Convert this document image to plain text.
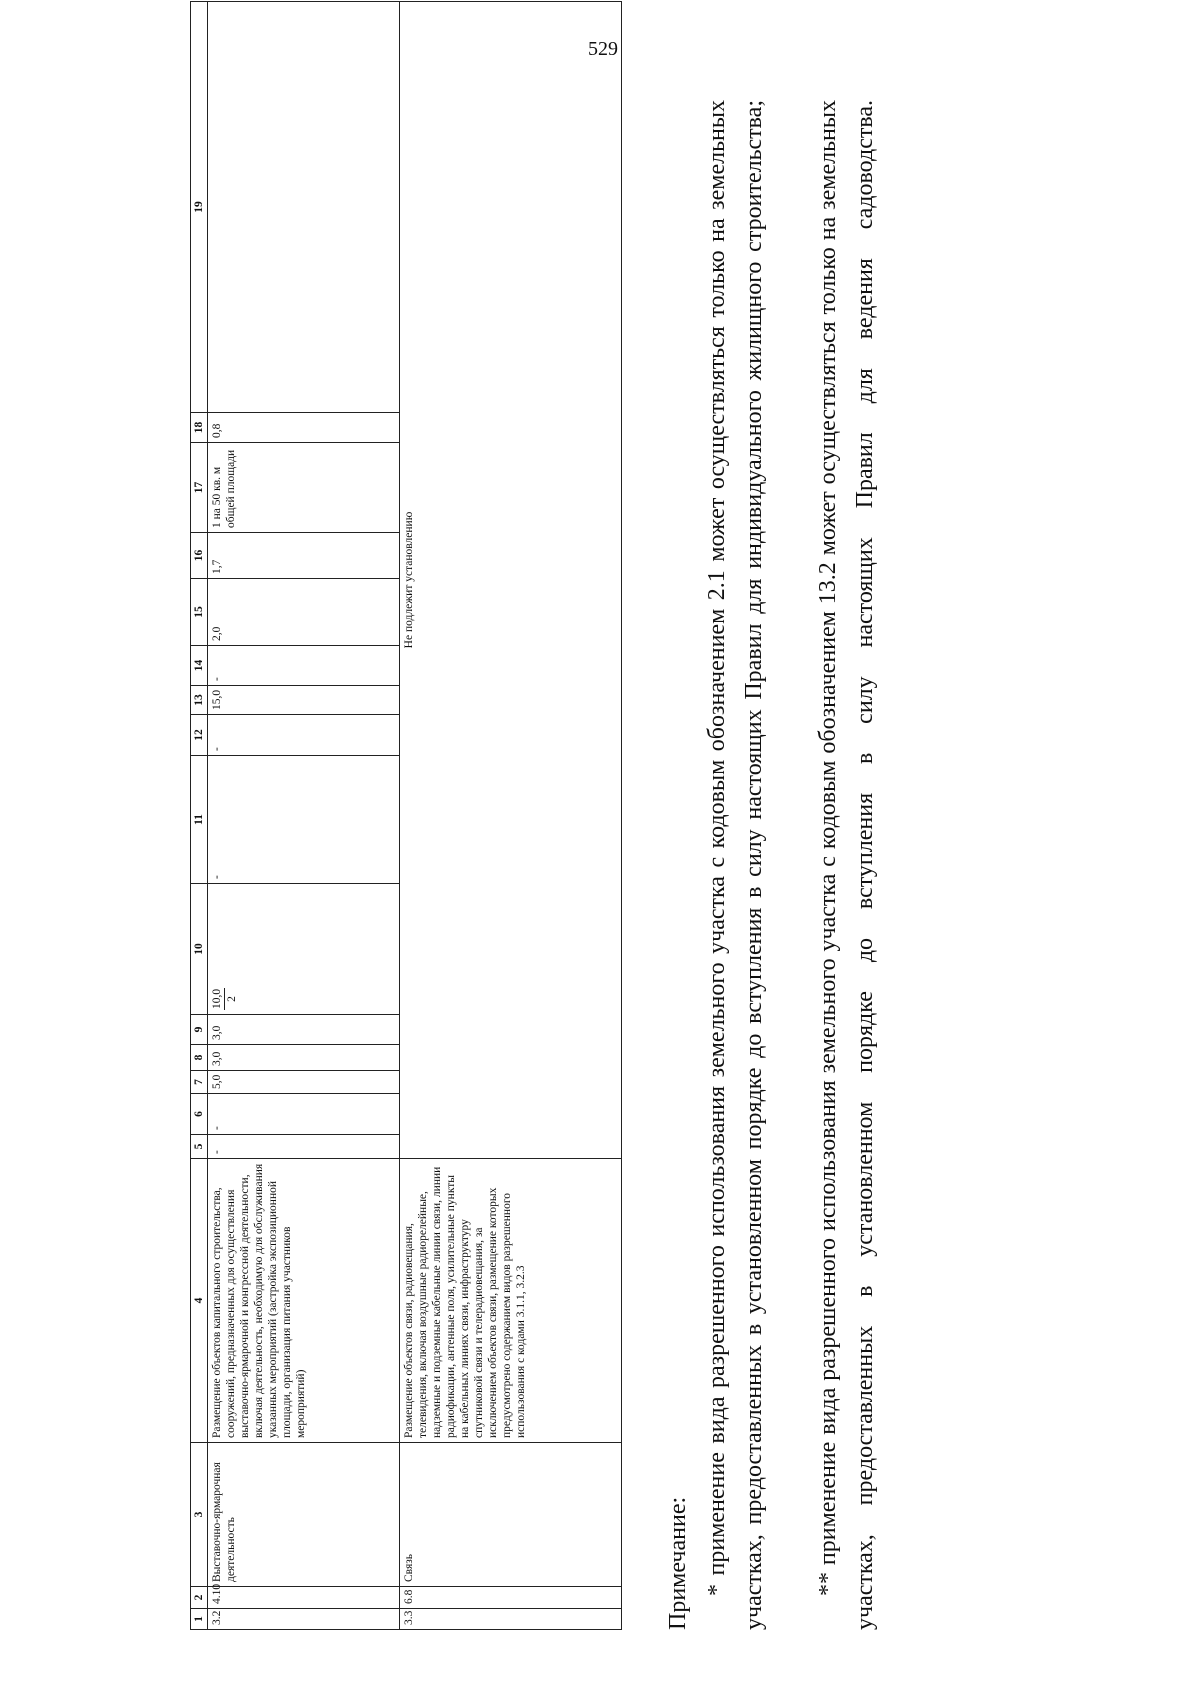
529
1	2	3	4	5	6	7	8	9	10	11	12	13	14	15	16	17	18	19
3.2	4.10	Выставочно-ярмарочная деятельность	Размещение объектов капитального строительства, сооружений, предназначенных для осуществления выставочно-ярмарочной и конгрессной деятельности, включая деятельность, необходимую для обслуживания указанных мероприятий (застройка экспозиционной площади, организация питания участников мероприятий)	-	-	5,0	3,0	3,0	10,0 2	-	-	15,0	-	2,0	1,7	1 на 50 кв. м общей площади	0,8	
3.3	6.8	Связь	Размещение объектов связи, радиовещания, телевидения, включая воздушные радиорелейные, надземные и подземные кабельные линии связи, линии радиофикации, антенные поля, усилительные пункты на кабельных линиях связи, инфраструктуру спутниковой связи и телерадиовещания, за исключением объектов связи, размещение которых предусмотрено содержанием видов разрешенного использования с кодами 3.1.1, 3.2.3	Не подлежит установлению														
Примечание: * применение вида разрешенного использования земельного участка с кодовым обозначением 2.1 может осуществляться только на земельных участках, предоставленных в установленном порядке до вступления в силу настоящих Правил для индивидуального жилищного строительства;	** применение вида разрешенного использования земельного участка с кодовым обозначением 13.2 может осуществляться только на земельных участках, предоставленных в установленном порядке до вступления в силу настоящих Правил для ведения садоводства.
